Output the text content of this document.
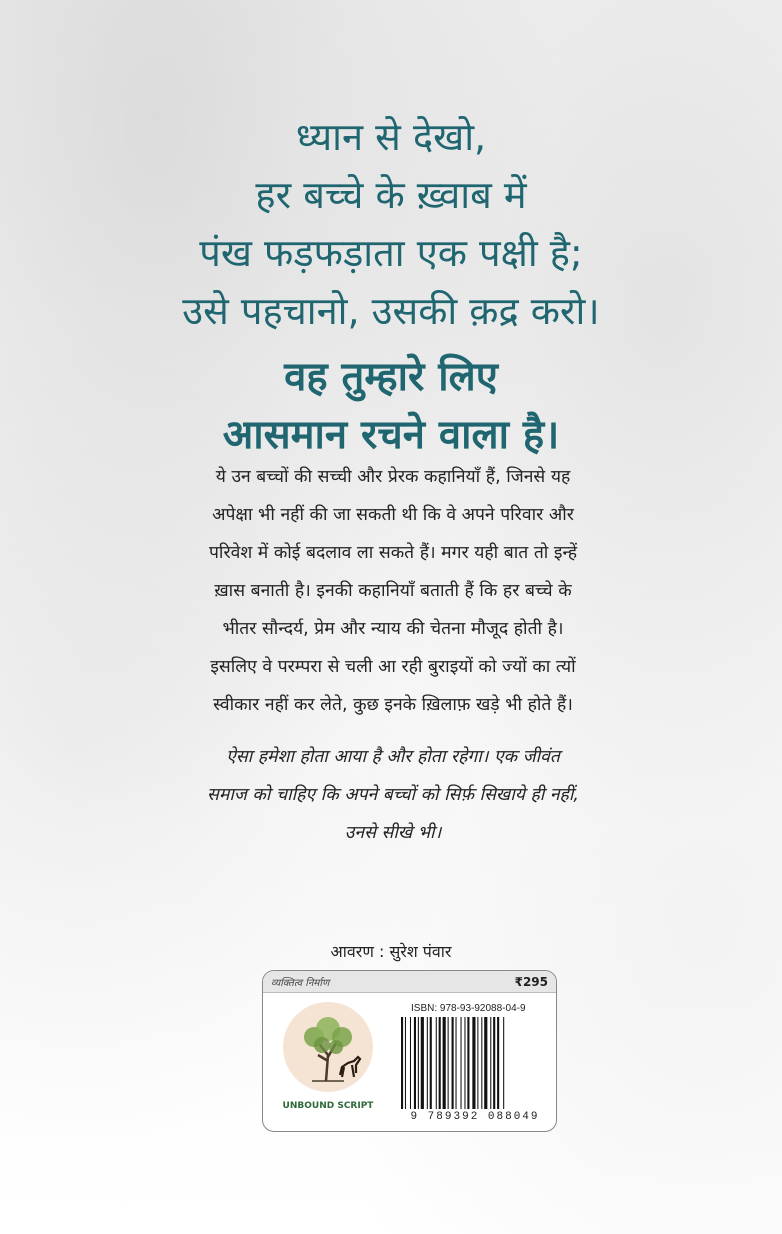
ध्यान से देखो,
हर बच्चे के ख़्वाब में
पंख फड़फड़ाता एक पक्षी है;
उसे पहचानो, उसकी क़द्र करो।
वह तुम्हारे लिए
आसमान रचने वाला है।
ये उन बच्चों की सच्ची और प्रेरक कहानियाँ हैं, जिनसे यह
अपेक्षा भी नहीं की जा सकती थी कि वे अपने परिवार और
परिवेश में कोई बदलाव ला सकते हैं। मगर यही बात तो इन्हें
ख़ास बनाती है। इनकी कहानियाँ बताती हैं कि हर बच्चे के
भीतर सौन्दर्य, प्रेम और न्याय की चेतना मौजूद होती है।
इसलिए वे परम्परा से चली आ रही बुराइयों को ज्यों का त्यों
स्वीकार नहीं कर लेते, कुछ इनके ख़िलाफ़ खड़े भी होते हैं।
ऐसा हमेशा होता आया है और होता रहेगा। एक जीवंत
समाज को चाहिए कि अपने बच्चों को सिर्फ़ सिखाये ही नहीं,
उनसे सीखे भी।
आवरण : सुरेश पंवार
व्यक्तित्व निर्माण	₹295
UNBOUND SCRIPT
ISBN: 978-93-92088-04-9
9 789392 088049
